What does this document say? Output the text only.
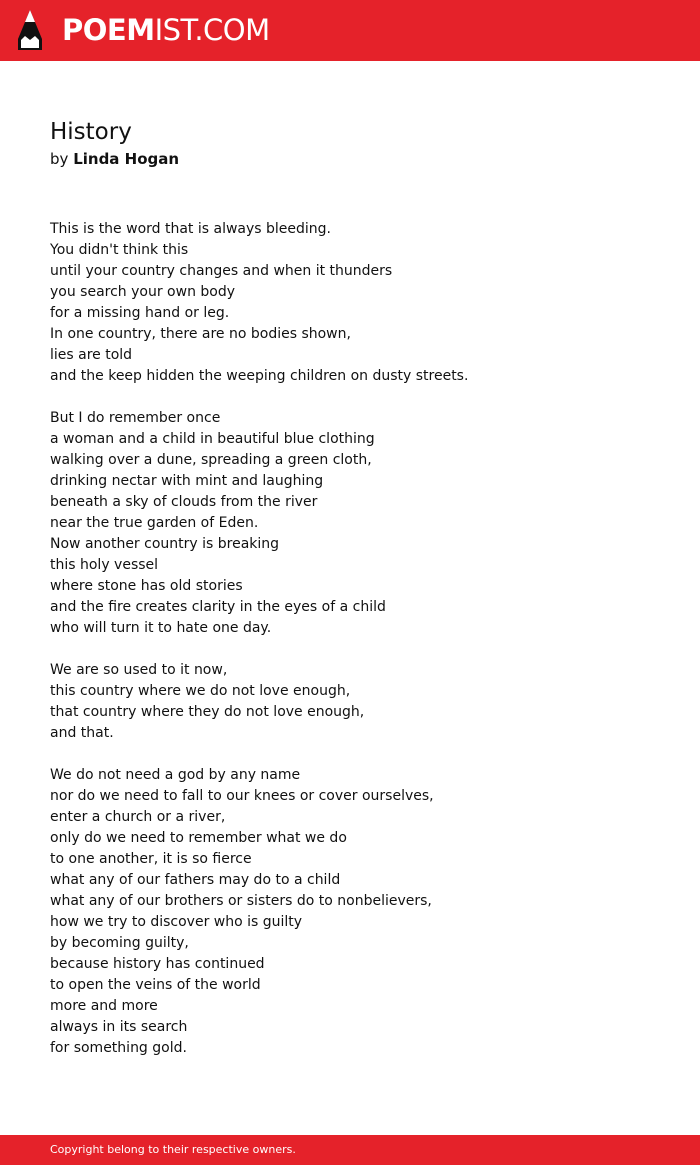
POEMIST.COM
History
by Linda Hogan
This is the word that is always bleeding.
You didn't think this
until your country changes and when it thunders
you search your own body
for a missing hand or leg.
In one country, there are no bodies shown,
lies are told
and the keep hidden the weeping children on dusty streets.
But I do remember once
a woman and a child in beautiful blue clothing
walking over a dune, spreading a green cloth,
drinking nectar with mint and laughing
beneath a sky of clouds from the river
near the true garden of Eden.
Now another country is breaking
this holy vessel
where stone has old stories
and the fire creates clarity in the eyes of a child
who will turn it to hate one day.
We are so used to it now,
this country where we do not love enough,
that country where they do not love enough,
and that.
We do not need a god by any name
nor do we need to fall to our knees or cover ourselves,
enter a church or a river,
only do we need to remember what we do
to one another, it is so fierce
what any of our fathers may do to a child
what any of our brothers or sisters do to nonbelievers,
how we try to discover who is guilty
by becoming guilty,
because history has continued
to open the veins of the world
more and more
always in its search
for something gold.
Copyright belong to their respective owners.
